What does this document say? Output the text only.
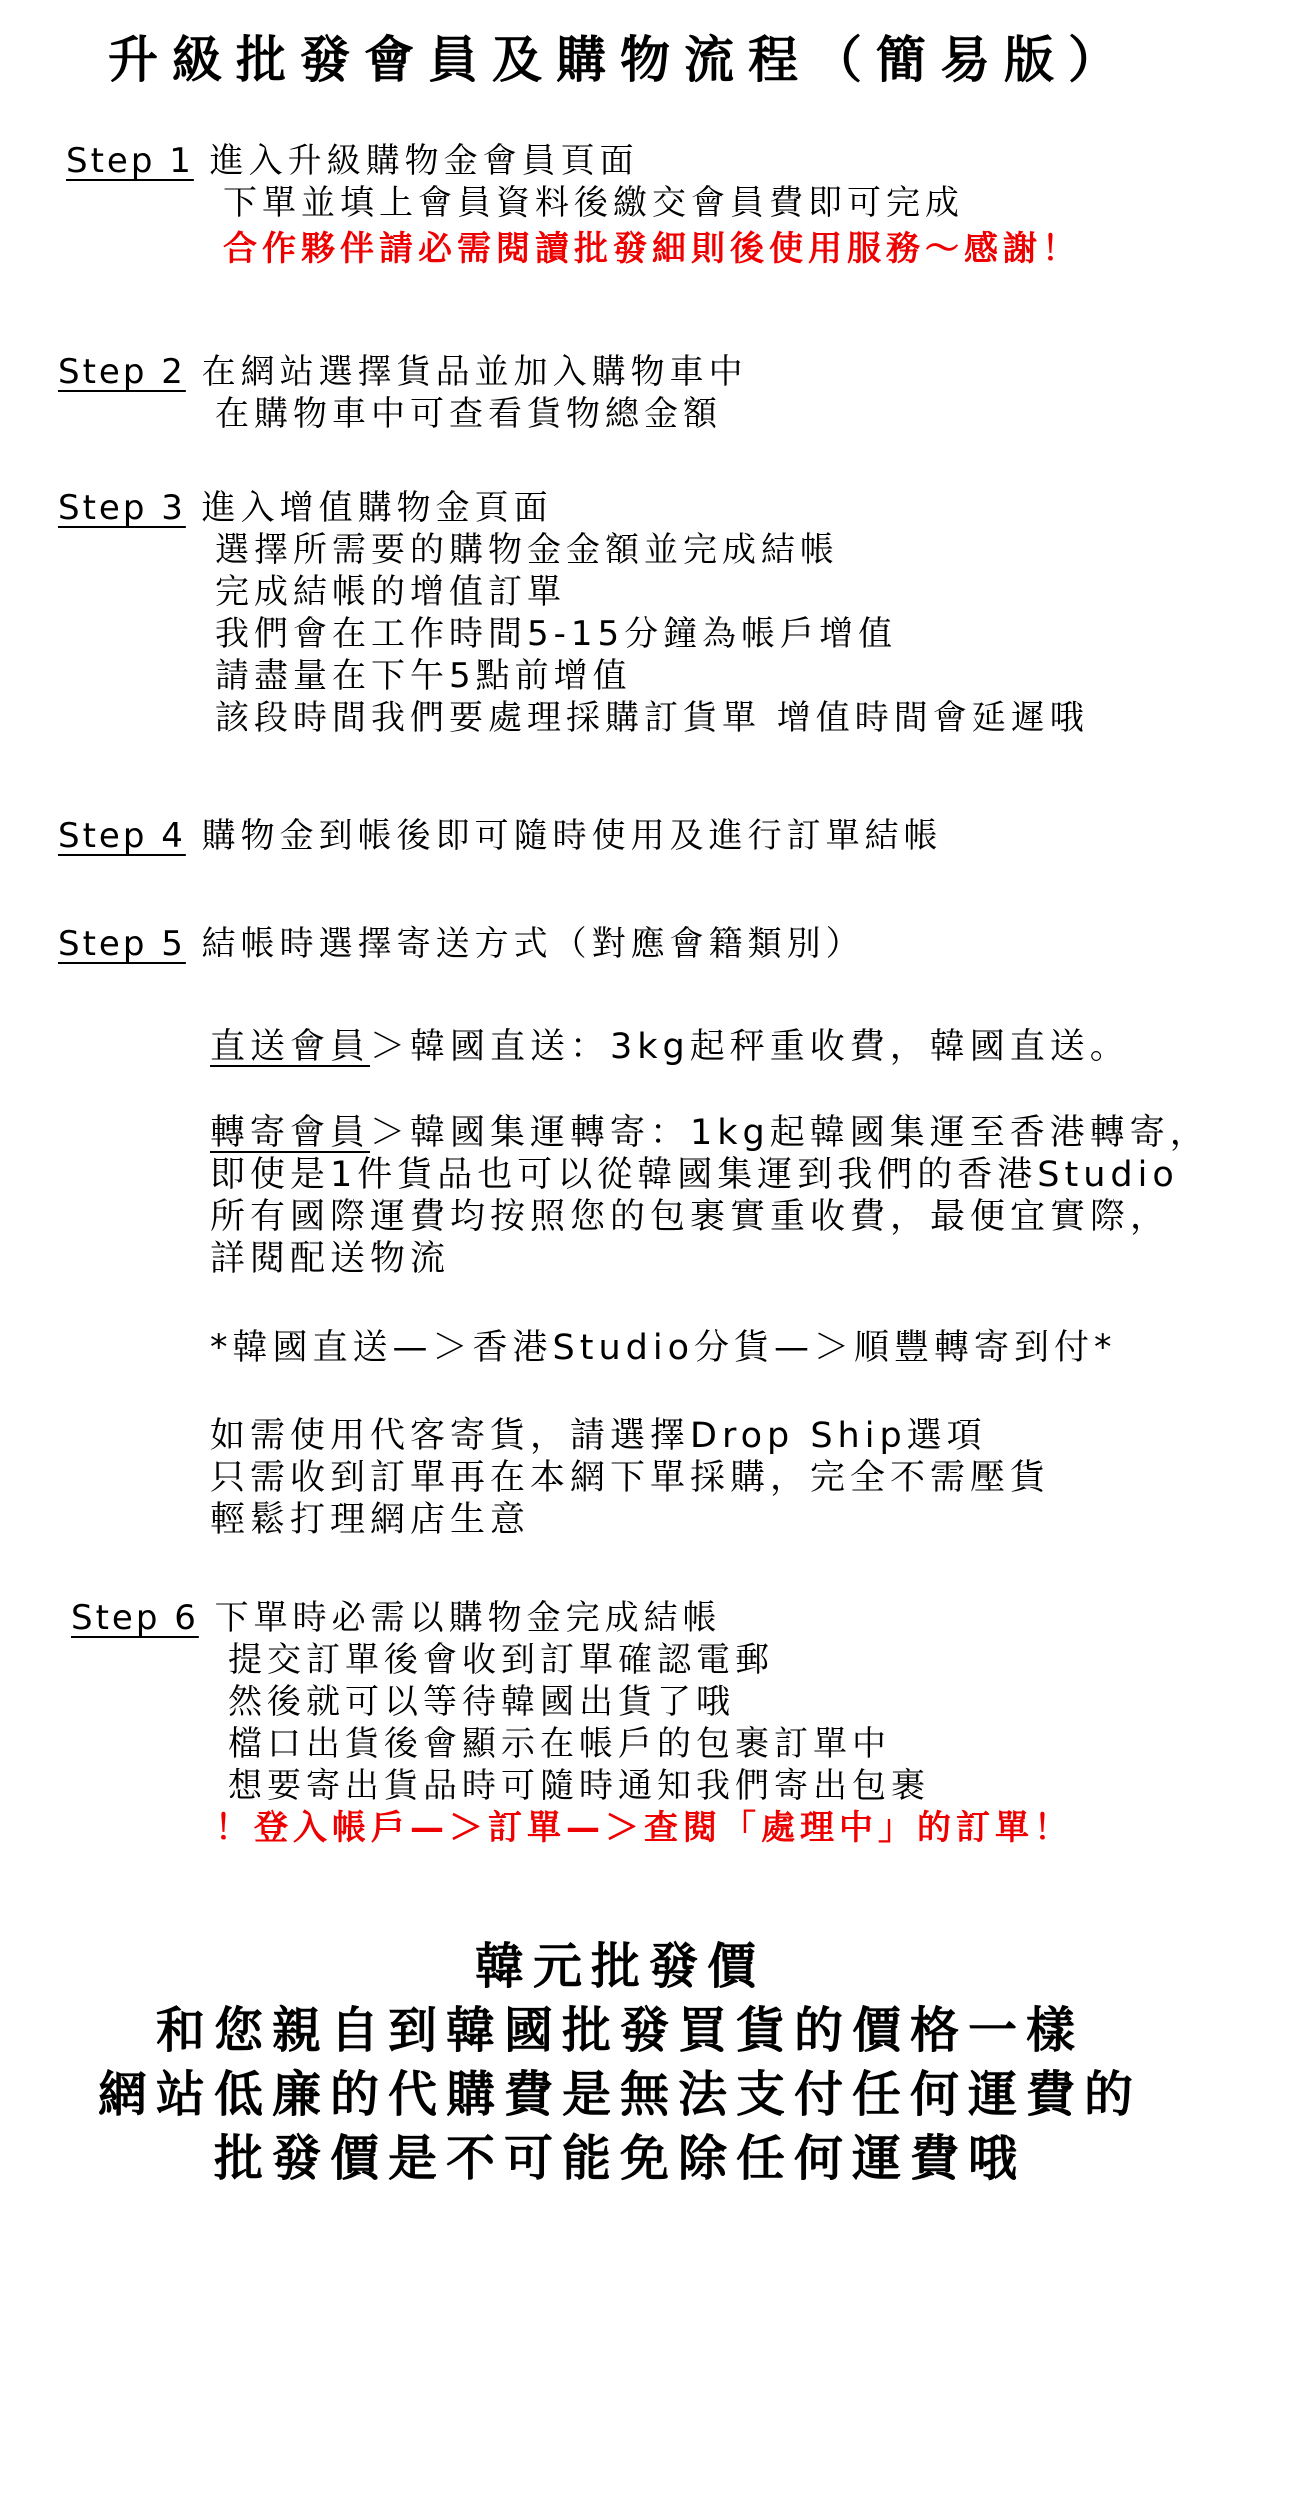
升級批發會員及購物流程（簡易版）
Step 1 進入升級購物金會員頁面
下單並填上會員資料後繳交會員費即可完成
合作夥伴請必需閱讀批發細則後使用服務～感謝！
Step 2 在網站選擇貨品並加入購物車中
在購物車中可查看貨物總金額
Step 3 進入增值購物金頁面
選擇所需要的購物金金額並完成結帳
完成結帳的增值訂單
我們會在工作時間5-15分鐘為帳戶增值
請盡量在下午5點前增值
該段時間我們要處理採購訂貨單 增值時間會延遲哦
Step 4 購物金到帳後即可隨時使用及進行訂單結帳
Step 5 結帳時選擇寄送方式（對應會籍類別）
直送會員＞韓國直送：3kg起秤重收費，韓國直送。
轉寄會員＞韓國集運轉寄：1kg起韓國集運至香港轉寄，
即使是1件貨品也可以從韓國集運到我們的香港Studio
所有國際運費均按照您的包裹實重收費，最便宜實際，
詳閱配送物流
*韓國直送—＞香港Studio分貨—＞順豐轉寄到付*
如需使用代客寄貨，請選擇Drop Ship選項
只需收到訂單再在本網下單採購，完全不需壓貨
輕鬆打理網店生意
Step 6 下單時必需以購物金完成結帳
提交訂單後會收到訂單確認電郵
然後就可以等待韓國出貨了哦
檔口出貨後會顯示在帳戶的包裹訂單中
想要寄出貨品時可隨時通知我們寄出包裹
！登入帳戶—＞訂單—＞查閱「處理中」的訂單！
韓元批發價
和您親自到韓國批發買貨的價格一樣
網站低廉的代購費是無法支付任何運費的
批發價是不可能免除任何運費哦
